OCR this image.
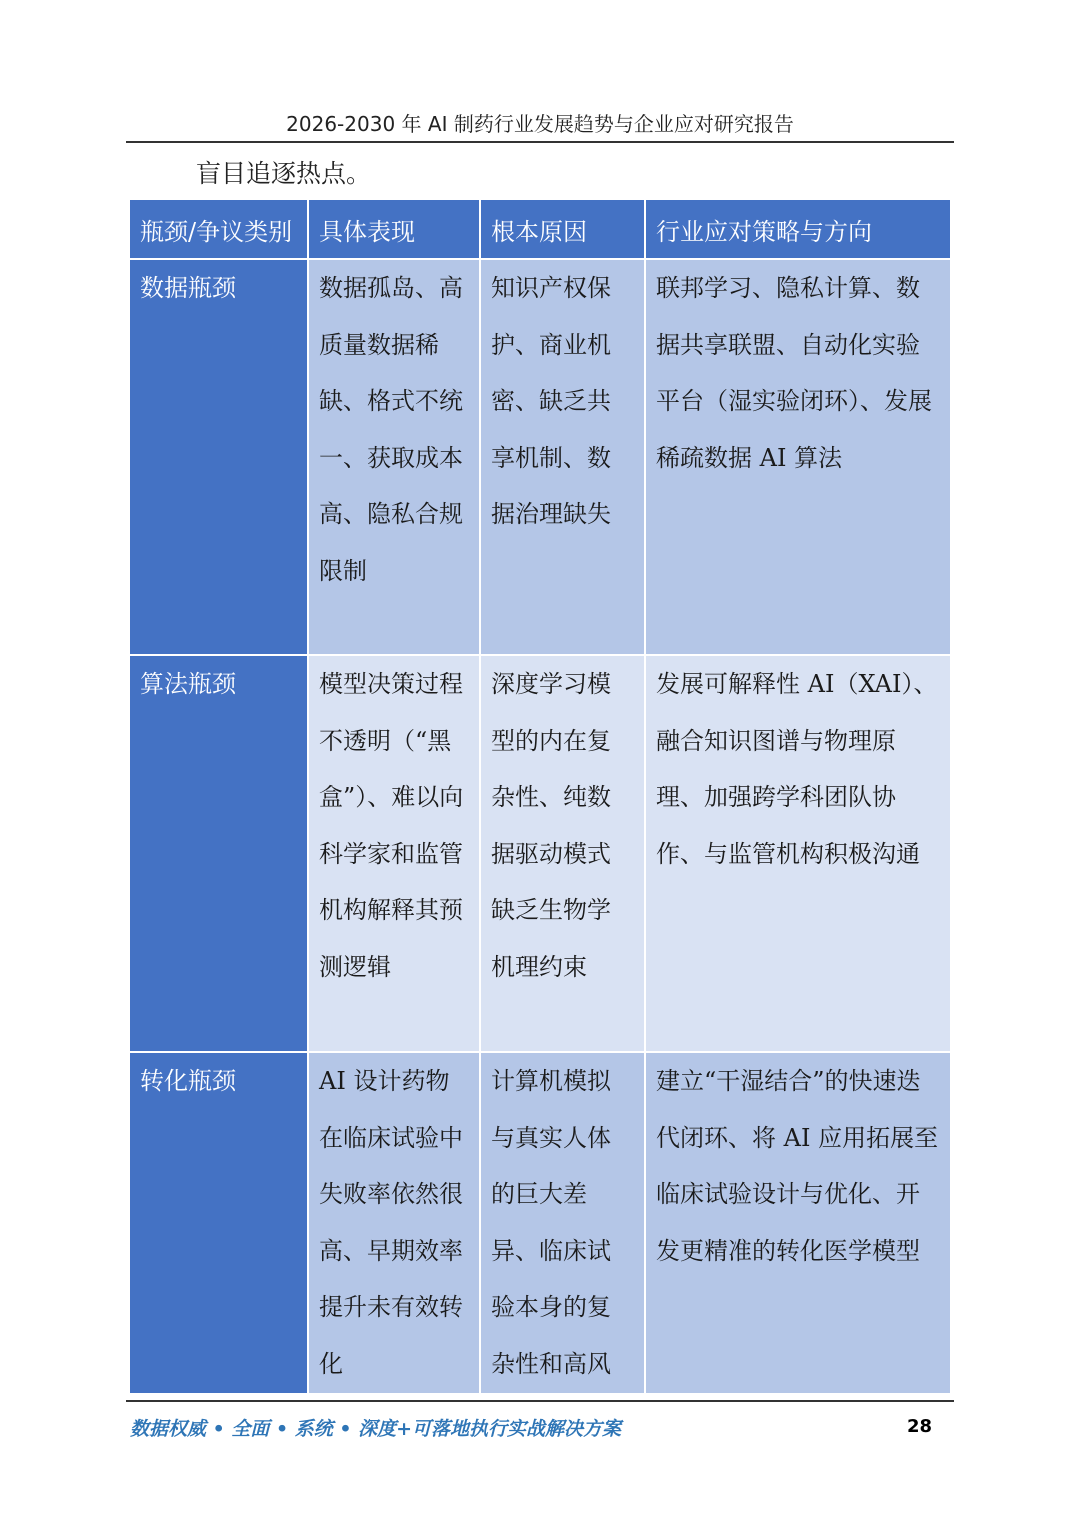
2026-2030 年 AI 制药行业发展趋势与企业应对研究报告
盲目追逐热点。
瓶颈/争议类别	具体表现	根本原因	行业应对策略与方向
数据瓶颈	数据孤岛、高质量数据稀缺、格式不统一、获取成本高、隐私合规限制	知识产权保护、商业机密、缺乏共享机制、数据治理缺失	联邦学习、隐私计算、数据共享联盟、自动化实验平台（湿实验闭环）、发展稀疏数据 AI 算法
算法瓶颈	模型决策过程不透明（“黑盒”）、难以向科学家和监管机构解释其预测逻辑	深度学习模型的内在复杂性、纯数据驱动模式缺乏生物学机理约束	发展可解释性 AI（XAI）、融合知识图谱与物理原理、加强跨学科团队协作、与监管机构积极沟通
转化瓶颈	AI 设计药物在临床试验中失败率依然很高、早期效率提升未有效转化	计算机模拟与真实人体的巨大差异、临床试验本身的复杂性和高风	建立“干湿结合”的快速迭代闭环、将 AI 应用拓展至临床试验设计与优化、开发更精准的转化医学模型
数据权威 • 全面 • 系统 • 深度+可落地执行实战解决方案	28
